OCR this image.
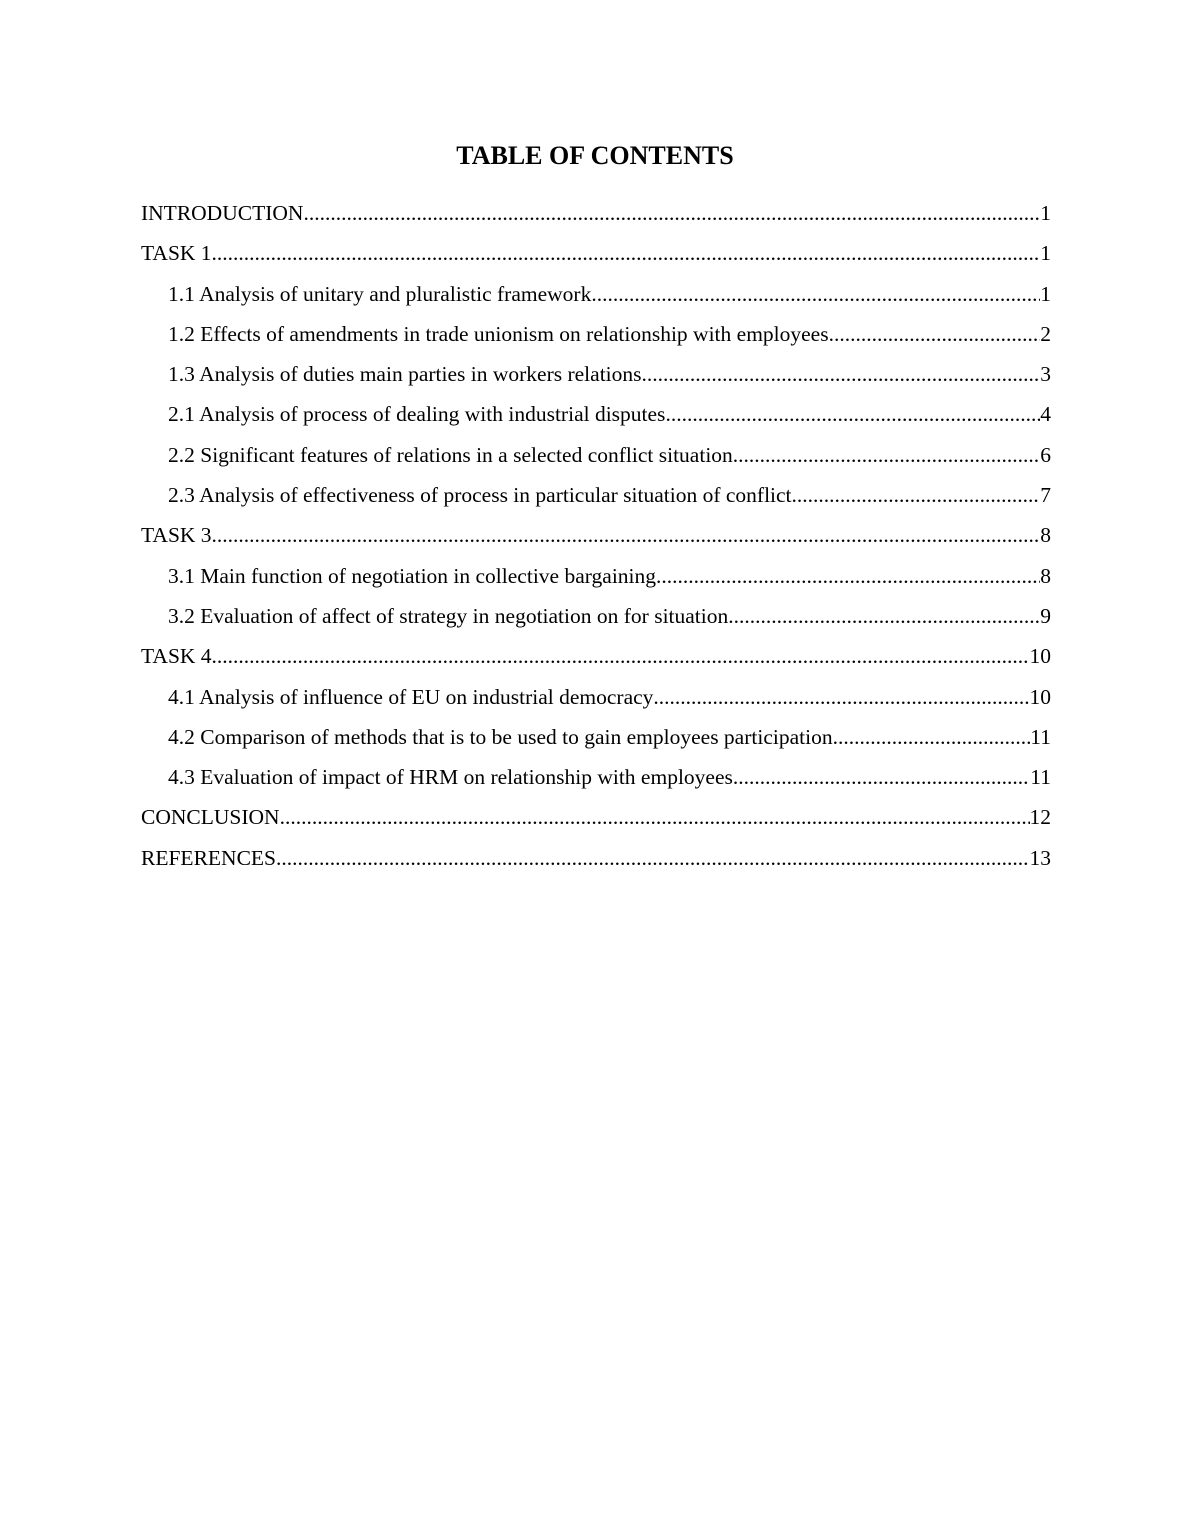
TABLE OF CONTENTS
INTRODUCTION .....	1
TASK 1 .....	1
1.1 Analysis of unitary and pluralistic framework .....	1
1.2 Effects of amendments in trade unionism on relationship with employees .....	2
1.3 Analysis of duties main parties in workers relations .....	3
2.1 Analysis of process of dealing with industrial disputes .....	4
2.2 Significant features of relations in a selected conflict situation .....	6
2.3 Analysis of effectiveness of process in particular situation of conflict .....	7
TASK 3 .....	8
3.1 Main function of negotiation in collective bargaining .....	8
3.2 Evaluation of affect of strategy in negotiation on for situation .....	9
TASK 4 .....	10
4.1 Analysis of influence of EU on industrial democracy .....	10
4.2 Comparison of methods that is to be used to gain employees participation .....	11
4.3 Evaluation of impact of HRM on relationship with employees .....	11
CONCLUSION .....	12
REFERENCES .....	13
